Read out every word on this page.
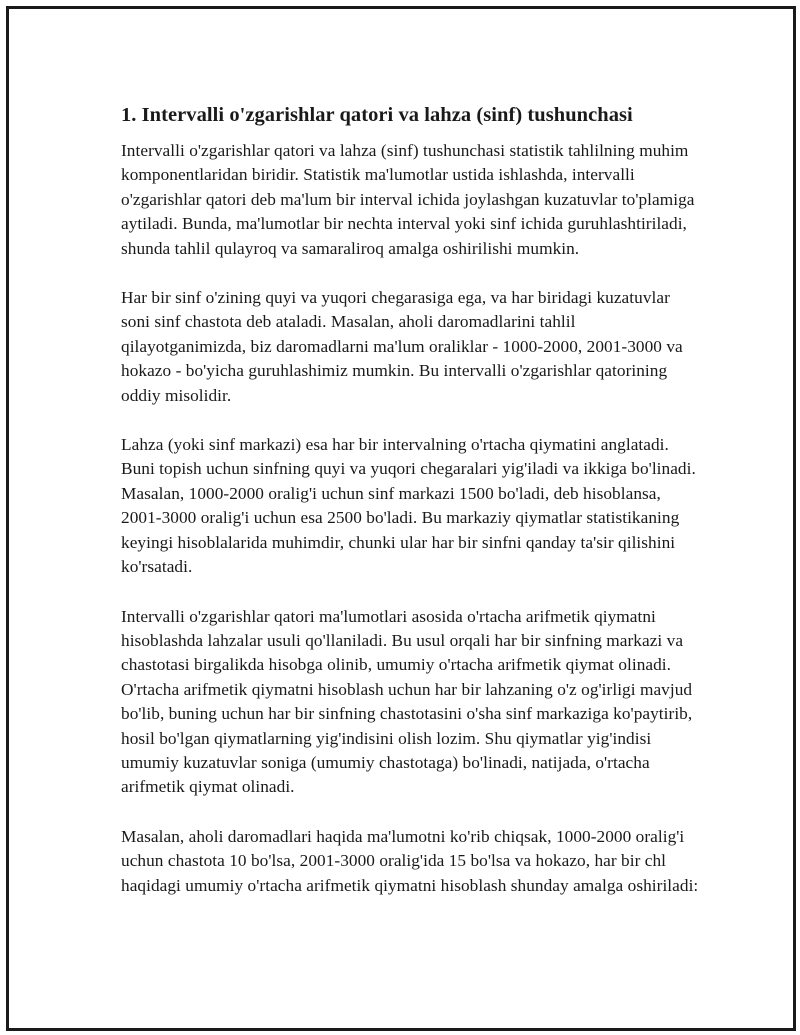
1. Intervalli o'zgarishlar qatori va lahza (sinf) tushunchasi

Intervalli o'zgarishlar qatori va lahza (sinf) tushunchasi statistik tahlilning muhim komponentlaridan biridir. Statistik ma'lumotlar ustida ishlashda, intervalli o'zgarishlar qatori deb ma'lum bir interval ichida joylashgan kuzatuvlar to'plamiga aytiladi. Bunda, ma'lumotlar bir nechta interval yoki sinf ichida guruhlashtiriladi, shunda tahlil qulayroq va samaraliroq amalga oshirilishi mumkin.

Har bir sinf o'zining quyi va yuqori chegarasiga ega, va har biridagi kuzatuvlar soni sinf chastota deb ataladi. Masalan, aholi daromadlarini tahlil qilayotganimizda, biz daromadlarni ma'lum oraliklar - 1000-2000, 2001-3000 va hokazo - bo'yicha guruhlashimiz mumkin. Bu intervalli o'zgarishlar qatorining oddiy misolidir.

Lahza (yoki sinf markazi) esa har bir intervalning o'rtacha qiymatini anglatadi. Buni topish uchun sinfning quyi va yuqori chegaralari yig'iladi va ikkiga bo'linadi. Masalan, 1000-2000 oralig'i uchun sinf markazi 1500 bo'ladi, deb hisoblansa, 2001-3000 oralig'i uchun esa 2500 bo'ladi. Bu markaziy qiymatlar statistikaning keyingi hisoblalarida muhimdir, chunki ular har bir sinfni qanday ta'sir qilishini ko'rsatadi.

Intervalli o'zgarishlar qatori ma'lumotlari asosida o'rtacha arifmetik qiymatni hisoblashda lahzalar usuli qo'llaniladi. Bu usul orqali har bir sinfning markazi va chastotasi birgalikda hisobga olinib, umumiy o'rtacha arifmetik qiymat olinadi. O'rtacha arifmetik qiymatni hisoblash uchun har bir lahzaning o'z og'irligi mavjud bo'lib, buning uchun har bir sinfning chastotasini o'sha sinf markaziga ko'paytirib, hosil bo'lgan qiymatlarning yig'indisini olish lozim. Shu qiymatlar yig'indisi umumiy kuzatuvlar soniga (umumiy chastotaga) bo'linadi, natijada, o'rtacha arifmetik qiymat olinadi.

Masalan, aholi daromadlari haqida ma'lumotni ko'rib chiqsak, 1000-2000 oralig'i uchun chastota 10 bo'lsa, 2001-3000 oralig'ida 15 bo'lsa va hokazo, har bir chl haqidagi umumiy o'rtacha arifmetik qiymatni hisoblash shunday amalga oshiriladi:
